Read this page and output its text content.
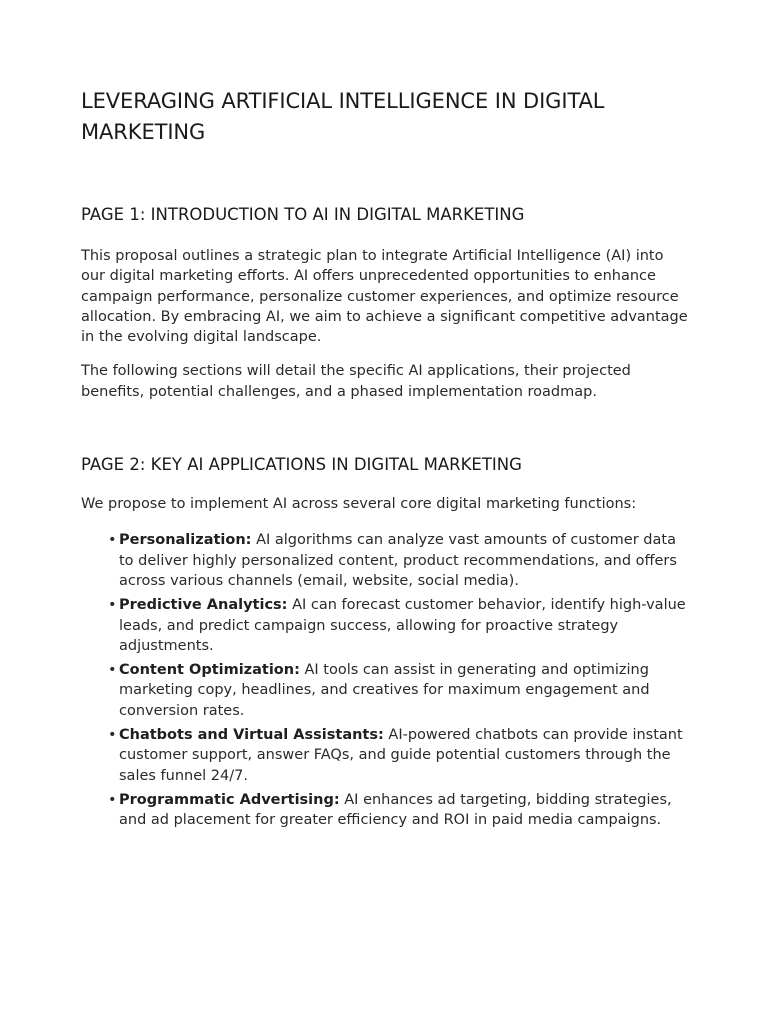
LEVERAGING ARTIFICIAL INTELLIGENCE IN DIGITAL MARKETING
PAGE 1: INTRODUCTION TO AI IN DIGITAL MARKETING

This proposal outlines a strategic plan to integrate Artificial Intelligence (AI) into our digital marketing efforts. AI offers unprecedented opportunities to enhance campaign performance, personalize customer experiences, and optimize resource allocation. By embracing AI, we aim to achieve a significant competitive advantage in the evolving digital landscape.

The following sections will detail the specific AI applications, their projected benefits, potential challenges, and a phased implementation roadmap.

PAGE 2: KEY AI APPLICATIONS IN DIGITAL MARKETING

We propose to implement AI across several core digital marketing functions:

• Personalization: AI algorithms can analyze vast amounts of customer data to deliver highly personalized content, product recommendations, and offers across various channels (email, website, social media).
• Predictive Analytics: AI can forecast customer behavior, identify high-value leads, and predict campaign success, allowing for proactive strategy adjustments.
• Content Optimization: AI tools can assist in generating and optimizing marketing copy, headlines, and creatives for maximum engagement and conversion rates.
• Chatbots and Virtual Assistants: AI-powered chatbots can provide instant customer support, answer FAQs, and guide potential customers through the sales funnel 24/7.
• Programmatic Advertising: AI enhances ad targeting, bidding strategies, and ad placement for greater efficiency and ROI in paid media campaigns.
